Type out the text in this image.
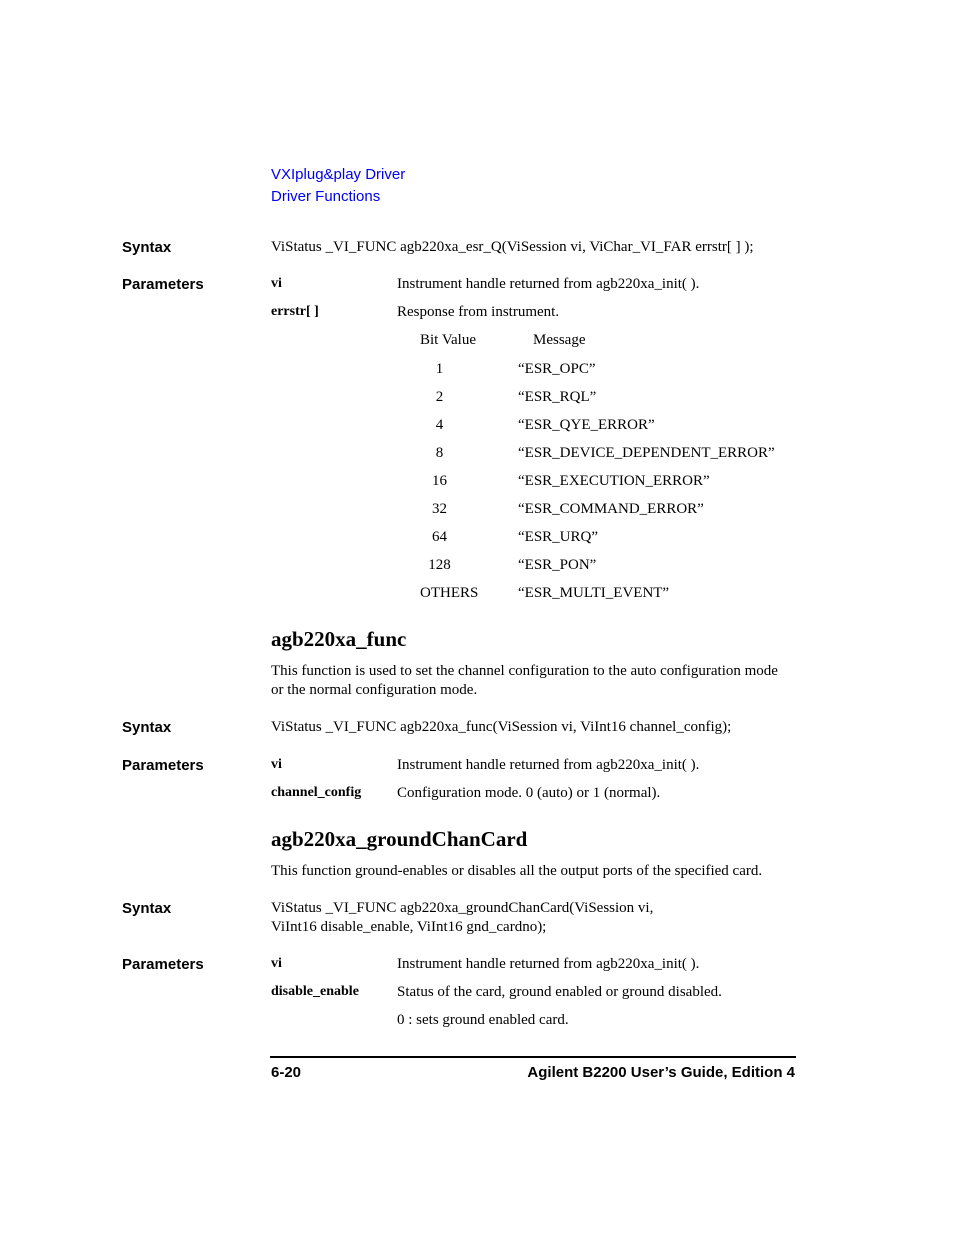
VXIplug&play Driver
Driver Functions
Syntax	ViStatus _VI_FUNC agb220xa_esr_Q(ViSession vi, ViChar_VI_FAR errstr[ ] );
Parameters	vi	Instrument handle returned from agb220xa_init( ).
errstr[ ]	Response from instrument.
Bit Value	Message
1	“ESR_OPC”
2	“ESR_RQL”
4	“ESR_QYE_ERROR”
8	“ESR_DEVICE_DEPENDENT_ERROR”
16	“ESR_EXECUTION_ERROR”
32	“ESR_COMMAND_ERROR”
64	“ESR_URQ”
128	“ESR_PON”
OTHERS	“ESR_MULTI_EVENT”
agb220xa_func
This function is used to set the channel configuration to the auto configuration mode
or the normal configuration mode.
Syntax	ViStatus _VI_FUNC agb220xa_func(ViSession vi, ViInt16 channel_config);
Parameters	vi	Instrument handle returned from agb220xa_init( ).
channel_config Configuration mode. 0 (auto) or 1 (normal).
agb220xa_groundChanCard
This function ground-enables or disables all the output ports of the specified card.
Syntax	ViStatus _VI_FUNC agb220xa_groundChanCard(ViSession vi,
ViInt16 disable_enable, ViInt16 gnd_cardno);
Parameters	vi	Instrument handle returned from agb220xa_init( ).
disable_enable	Status of the card, ground enabled or ground disabled.
0 : sets ground enabled card.
6-20	Agilent B2200 User’s Guide, Edition 4
